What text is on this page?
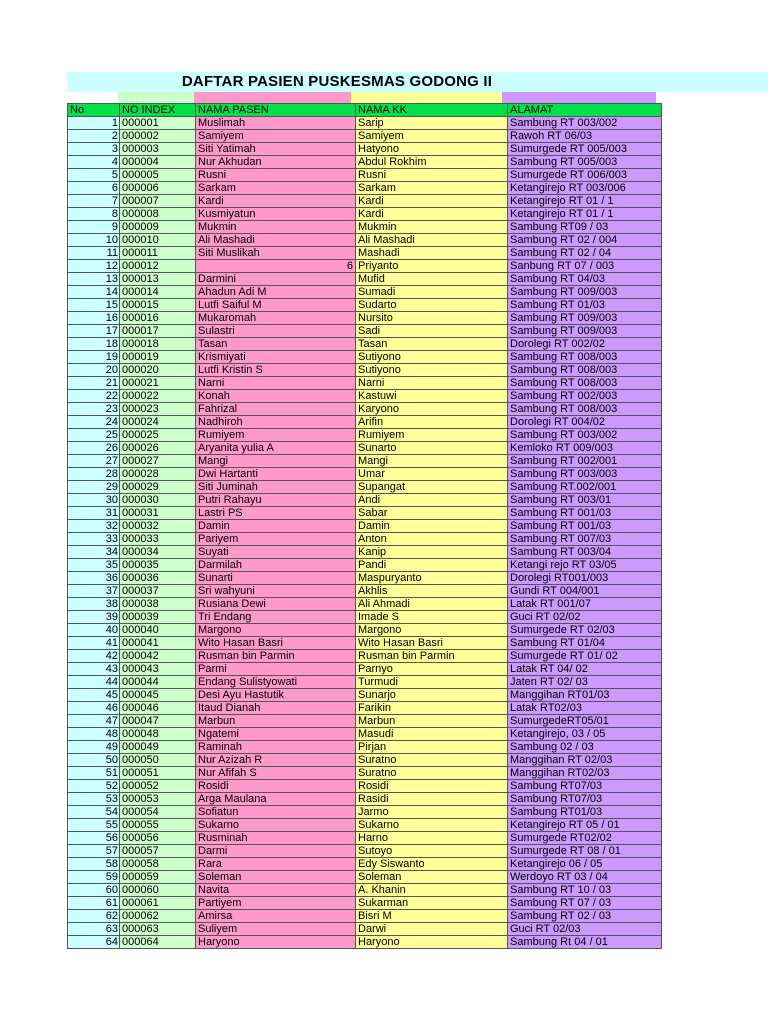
DAFTAR PASIEN PUSKESMAS GODONG II
No	NO INDEX	NAMA PASEN	NAMA KK	ALAMAT
1	000001	Muslimah	Sarip	Sambung RT 003/002
2	000002	Samiyem	Samiyem	Rawoh RT 06/03
3	000003	Siti Yatimah	Hatyono	Sumurgede RT 005/003
4	000004	Nur Akhudan	Abdul Rokhim	Sambung RT 005/003
5	000005	Rusni	Rusni	Sumurgede RT 006/003
6	000006	Sarkam	Sarkam	Ketangirejo RT 003/006
7	000007	Kardi	Kardi	Ketangirejo RT 01 / 1
8	000008	Kusmiyatun	Kardi	Ketangirejo RT 01 / 1
9	000009	Mukmin	Mukmin	Sambung RT09 / 03
10	000010	Ali Mashadi	Ali Mashadi	Sambung RT 02 / 004
11	000011	Siti Muslikah	Mashadi	Sambung RT 02 / 04
12	000012	6	Priyanto	Sanbung RT 07 / 003
13	000013	Darmini	Mufid	Sambung RT 04/03
14	000014	Ahadun Adi M	Sumadi	Sambung RT 009/003
15	000015	Lutfi Saiful M	Sudarto	Sambung RT 01/03
16	000016	Mukaromah	Nursito	Sambung RT 009/003
17	000017	Sulastri	Sadi	Sambung RT 009/003
18	000018	Tasan	Tasan	Dorolegi RT 002/02
19	000019	Krismiyati	Sutiyono	Sambung RT 008/003
20	000020	Lutfi Kristin S	Sutiyono	Sambung RT 008/003
21	000021	Narni	Narni	Sambung RT 008/003
22	000022	Konah	Kastuwi	Sambung RT 002/003
23	000023	Fahrizal	Karyono	Sambung RT 008/003
24	000024	Nadhiroh	Arifin	Dorolegi RT 004/02
25	000025	Rumiyem	Rumiyem	Sambung RT 003/002
26	000026	Aryanita yulia A	Sunarto	Kemloko RT 009/003
27	000027	Mangi	Mangi	Sambung RT 002/001
28	000028	Dwi Hartanti	Umar	Sambung RT 003/003
29	000029	Siti Juminah	Supangat	Sambung RT.002/001
30	000030	Putri Rahayu	Andi	Sambung RT 003/01
31	000031	Lastri PS	Sabar	Sambung RT 001/03
32	000032	Damin	Damin	Sambung RT 001/03
33	000033	Pariyem	Anton	Sambung RT 007/03
34	000034	Suyati	Kanip	Sambung RT 003/04
35	000035	Darmilah	Pandi	Ketangi rejo RT 03/05
36	000036	Sunarti	Maspuryanto	Dorolegi RT001/003
37	000037	Sri wahyuni	Akhlis	Gundi RT 004/001
38	000038	Rusiana Dewi	Ali Ahmadi	Latak RT 001/07
39	000039	Tri Endang	Imade S	Guci RT 02/02
40	000040	Margono	Margono	Sumurgede RT 02/03
41	000041	Wito Hasan Basri	Wito Hasan Basri	Sambung RT 01/04
42	000042	Rusman bin Parmin	Rusman bin Parmin	Sumurgede RT 01/ 02
43	000043	Parmi	Parnyo	Latak RT 04/ 02
44	000044	Endang Sulistyowati	Turmudi	Jaten RT 02/ 03
45	000045	Desi Ayu Hastutik	Sunarjo	Manggihan RT01/03
46	000046	Itaud Dianah	Farikin	Latak RT02/03
47	000047	Marbun	Marbun	SumurgedeRT05/01
48	000048	Ngatemi	Masudi	Ketangirejo, 03 / 05
49	000049	Raminah	Pirjan	Sambung 02 / 03
50	000050	Nur Azizah R	Suratno	Manggihan RT 02/03
51	000051	Nur Afifah S	Suratno	Manggihan RT02/03
52	000052	Rosidi	Rosidi	Sambung RT07/03
53	000053	Arga Maulana	Rasidi	Sambung RT07/03
54	000054	Sofiatun	Jarmo	Sambung RT01/03
55	000055	Sukarno	Sukarno	Ketangirejo RT 05 / 01
56	000056	Rusminah	Harno	Sumurgede RT02/02
57	000057	Darmi	Sutoyo	Sumurgede RT 08 / 01
58	000058	Rara	Edy Siswanto	Ketangirejo 06 / 05
59	000059	Soleman	Soleman	Werdoyo RT 03 / 04
60	000060	Navita	A. Khanin	Sambung RT 10 / 03
61	000061	Partiyem	Sukarman	Sambung RT 07 / 03
62	000062	Amirsa	Bisri M	Sambung RT 02 / 03
63	000063	Suliyem	Darwi	Guci RT 02/03
64	000064	Haryono	Haryono	Sambung Rt 04 / 01
